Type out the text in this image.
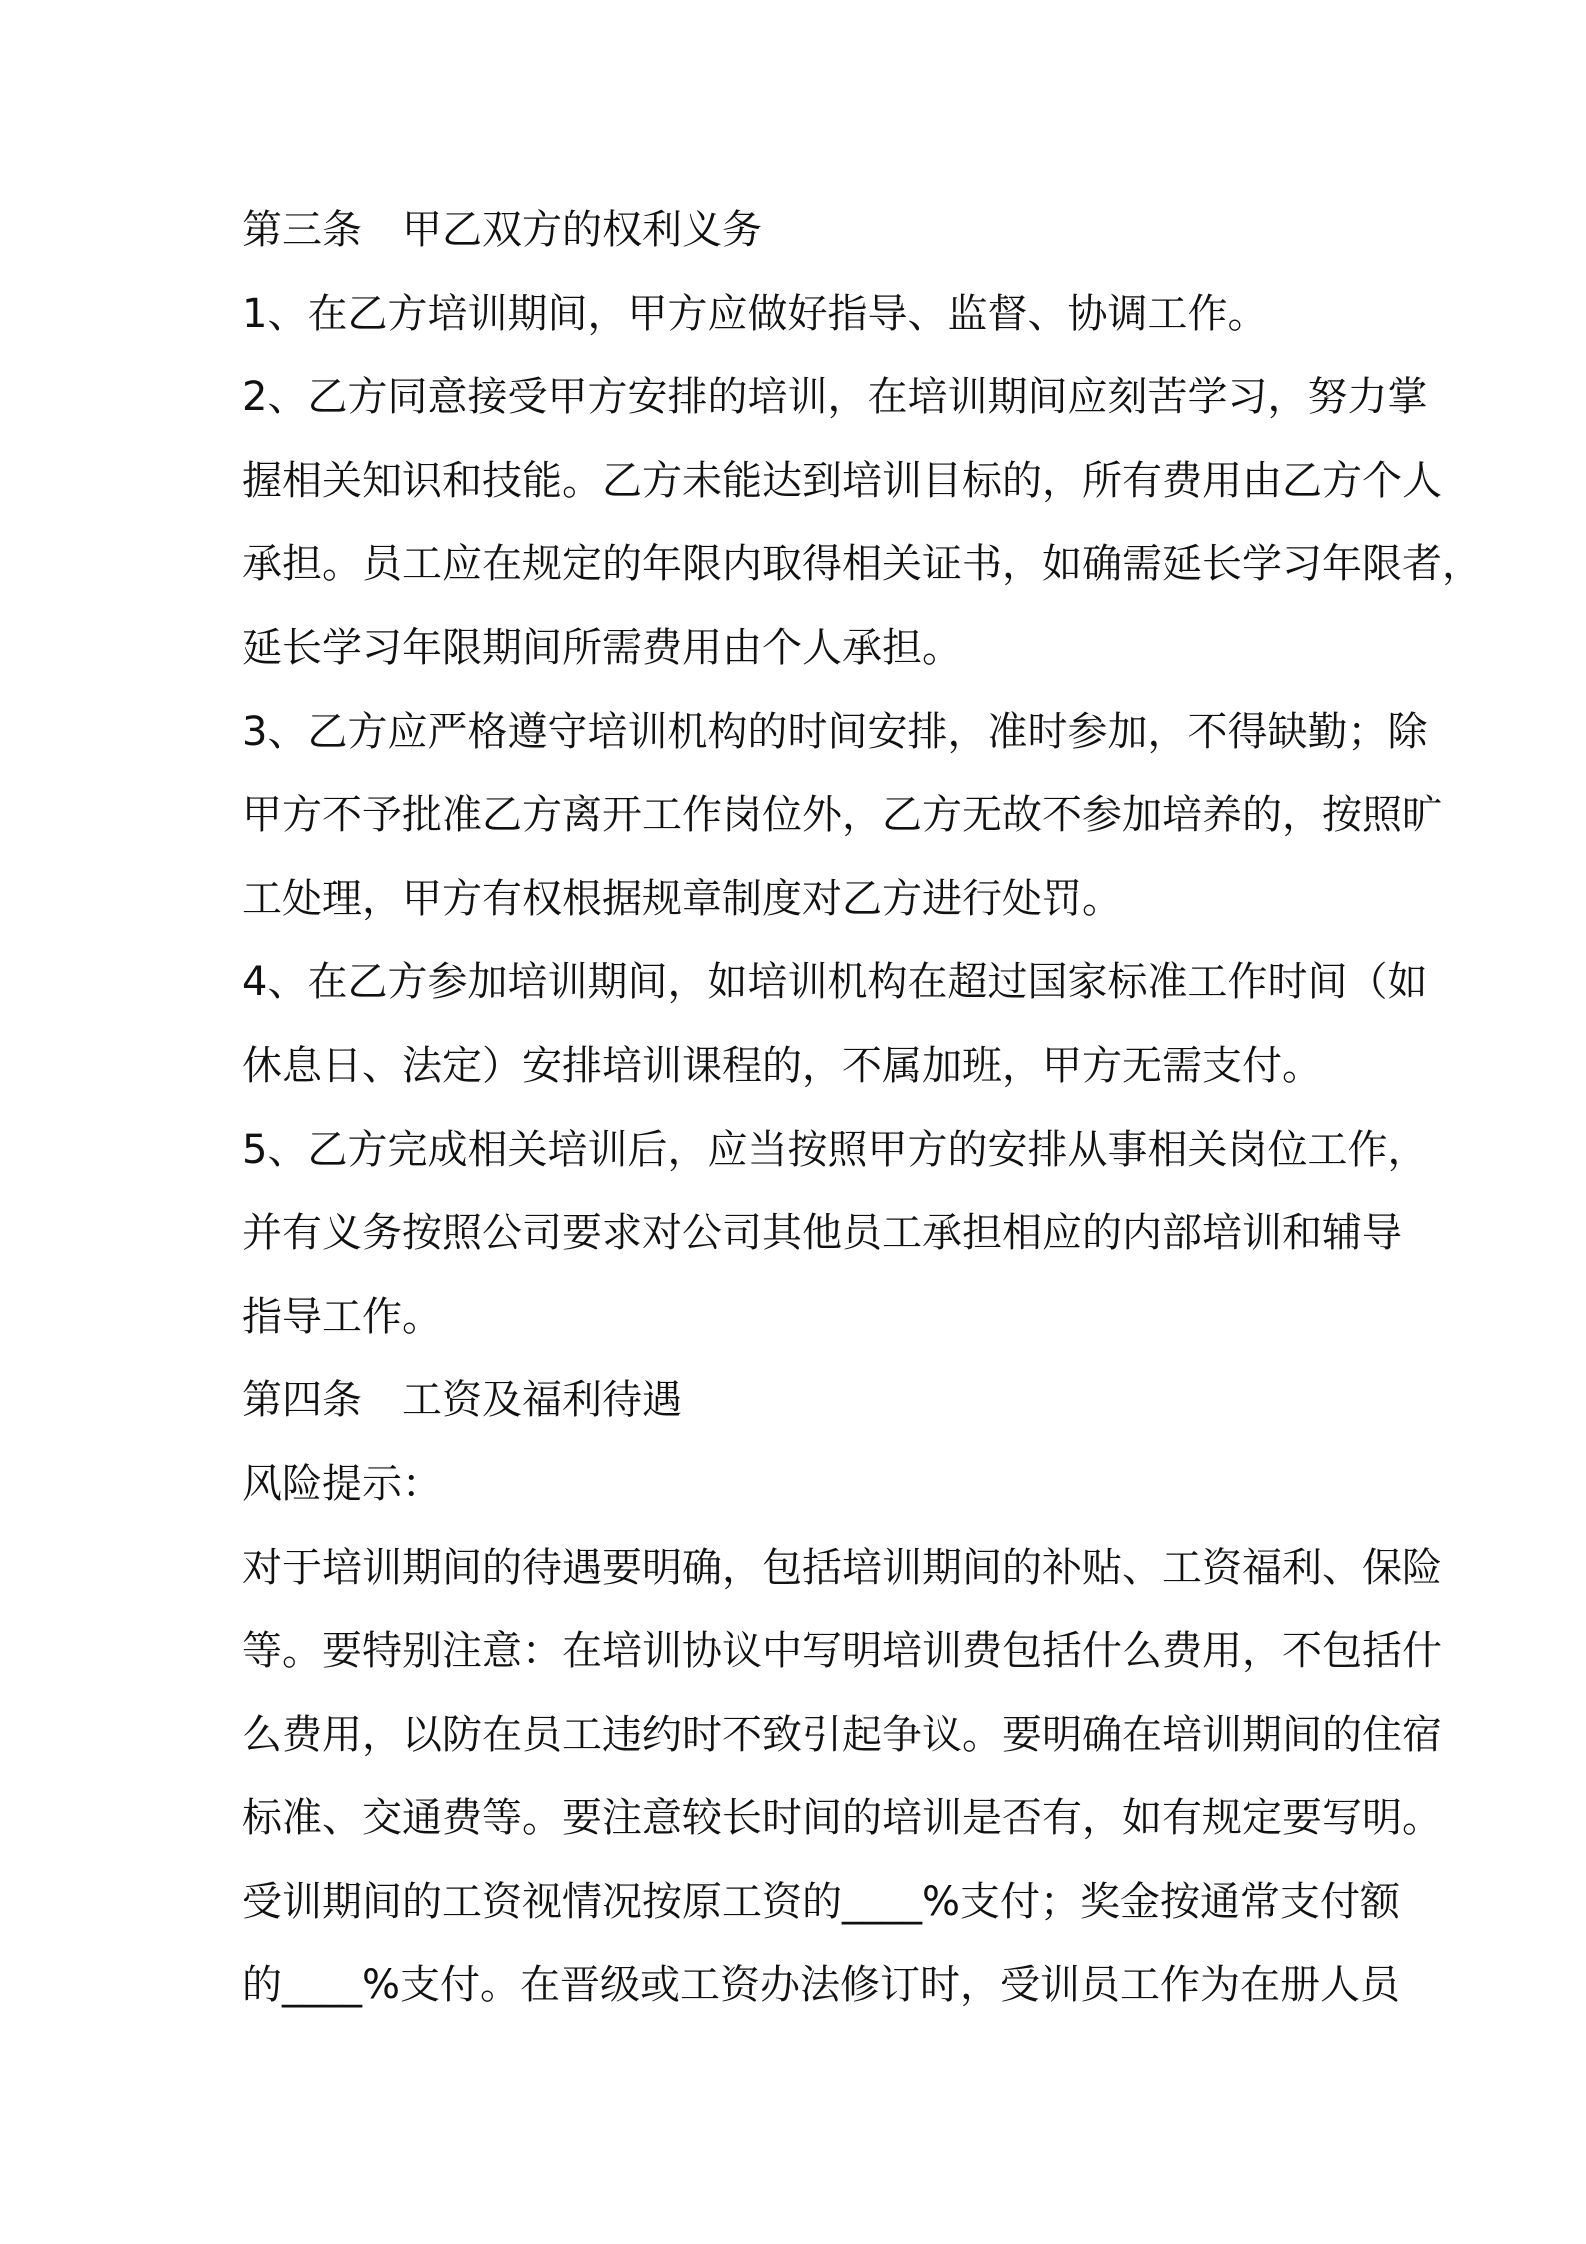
第三条　甲乙双方的权利义务
1、在乙方培训期间，甲方应做好指导、监督、协调工作。
2、乙方同意接受甲方安排的培训，在培训期间应刻苦学习，努力掌
握相关知识和技能。乙方未能达到培训目标的，所有费用由乙方个人
承担。员工应在规定的年限内取得相关证书，如确需延长学习年限者，
延长学习年限期间所需费用由个人承担。
3、乙方应严格遵守培训机构的时间安排，准时参加，不得缺勤；除
甲方不予批准乙方离开工作岗位外，乙方无故不参加培养的，按照旷
工处理，甲方有权根据规章制度对乙方进行处罚。
4、在乙方参加培训期间，如培训机构在超过国家标准工作时间（如
休息日、法定）安排培训课程的，不属加班，甲方无需支付。
5、乙方完成相关培训后，应当按照甲方的安排从事相关岗位工作，
并有义务按照公司要求对公司其他员工承担相应的内部培训和辅导
指导工作。
第四条　工资及福利待遇
风险提示：
对于培训期间的待遇要明确，包括培训期间的补贴、工资福利、保险
等。要特别注意：在培训协议中写明培训费包括什么费用，不包括什
么费用，以防在员工违约时不致引起争议。要明确在培训期间的住宿
标准、交通费等。要注意较长时间的培训是否有，如有规定要写明。
受训期间的工资视情况按原工资的____%支付；奖金按通常支付额
的____%支付。在晋级或工资办法修订时，受训员工作为在册人员
